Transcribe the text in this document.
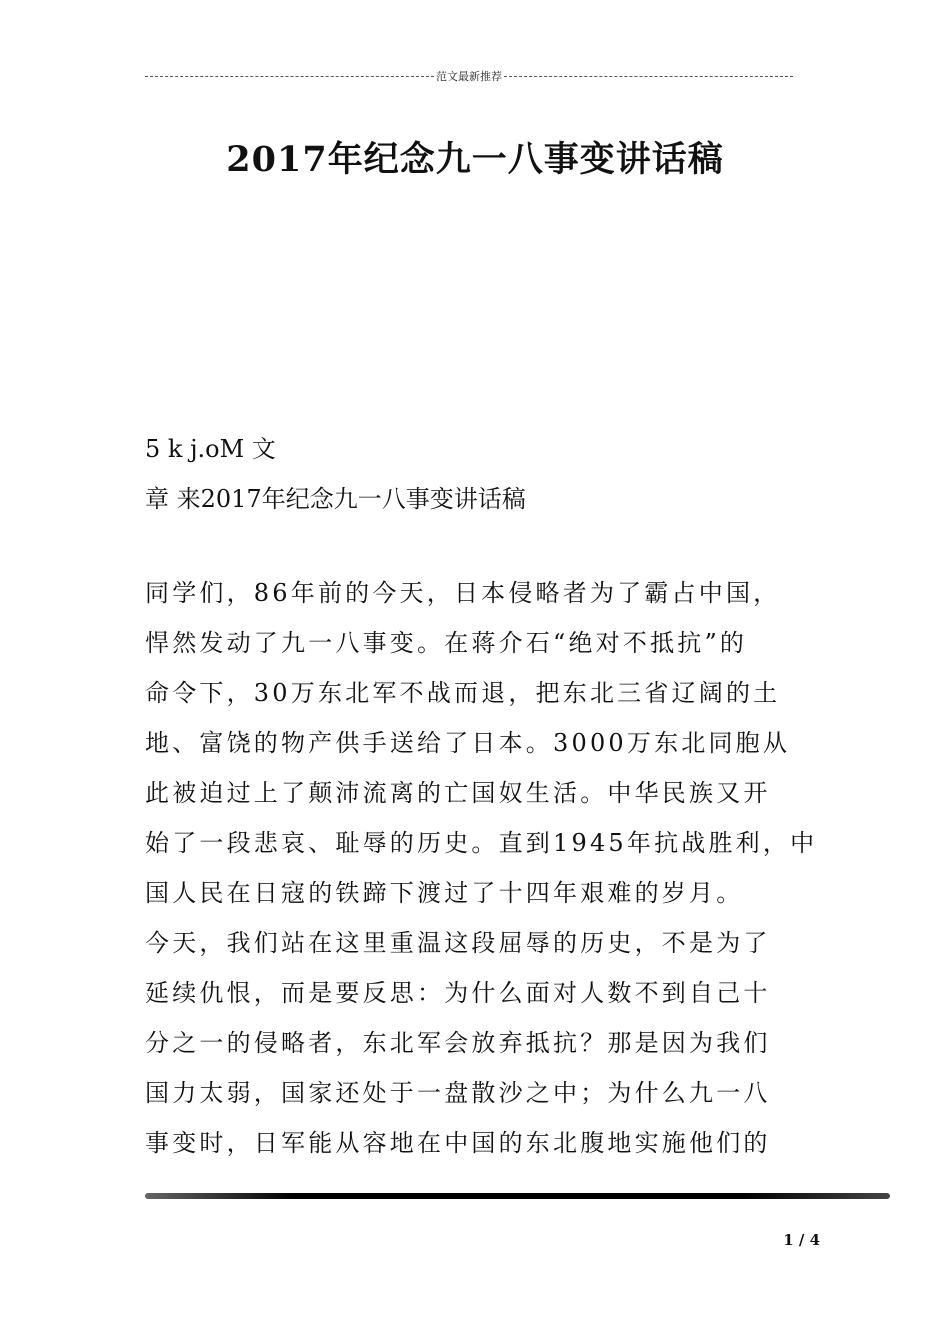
范文最新推荐
2017年纪念九一八事变讲话稿
5 k j.oM 文
章 来2017年纪念九一八事变讲话稿
同学们，86年前的今天，日本侵略者为了霸占中国，
悍然发动了九一八事变。在蒋介石“绝对不抵抗”的
命令下，30万东北军不战而退，把东北三省辽阔的土
地、富饶的物产供手送给了日本。3000万东北同胞从
此被迫过上了颠沛流离的亡国奴生活。中华民族又开
始了一段悲哀、耻辱的历史。直到1945年抗战胜利，中
国人民在日寇的铁蹄下渡过了十四年艰难的岁月。
今天，我们站在这里重温这段屈辱的历史，不是为了
延续仇恨，而是要反思：为什么面对人数不到自己十
分之一的侵略者，东北军会放弃抵抗？那是因为我们
国力太弱，国家还处于一盘散沙之中；为什么九一八
事变时，日军能从容地在中国的东北腹地实施他们的
1 / 4
